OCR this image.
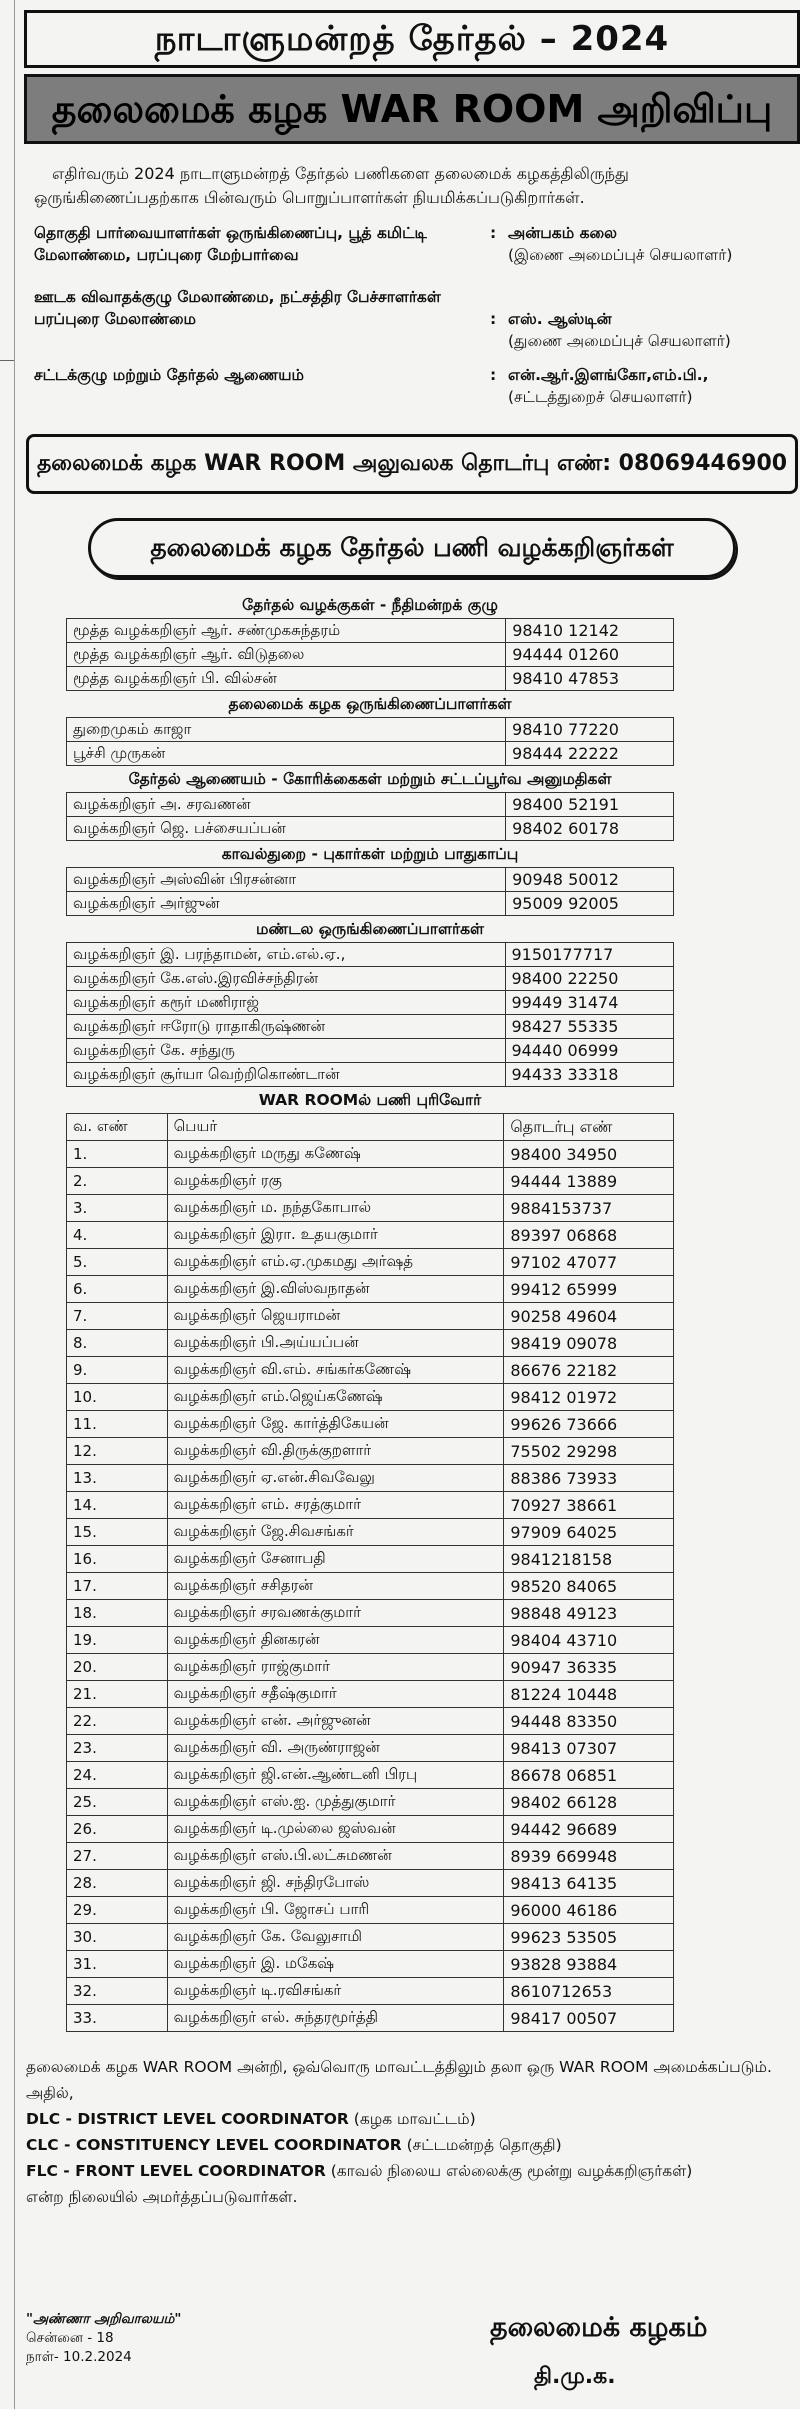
நாடாளுமன்றத் தேர்தல் – 2024
தலைமைக் கழக WAR ROOM அறிவிப்பு
எதிர்வரும் 2024 நாடாளுமன்றத் தேர்தல் பணிகளை தலைமைக் கழகத்திலிருந்து ஒருங்கிணைப்பதற்காக பின்வரும் பொறுப்பாளர்கள் நியமிக்கப்படுகிறார்கள்.
தொகுதி பார்வையாளர்கள் ஒருங்கிணைப்பு, பூத் கமிட்டி மேலாண்மை, பரப்புரை மேற்பார்வை
: அன்பகம் கலை
(இணை அமைப்புச் செயலாளர்)
ஊடக விவாதக்குழு மேலாண்மை, நட்சத்திர பேச்சாளர்கள் பரப்புரை மேலாண்மை	: எஸ். ஆஸ்டின்
(துணை அமைப்புச் செயலாளர்)
சட்டக்குழு மற்றும் தேர்தல் ஆணையம்	: என்.ஆர்.இளங்கோ,எம்.பி.,
(சட்டத்துறைச் செயலாளர்)
தலைமைக் கழக WAR ROOM அலுவலக தொடர்பு எண்: 08069446900
தலைமைக் கழக தேர்தல் பணி வழக்கறிஞர்கள்
தேர்தல் வழக்குகள் - நீதிமன்றக் குழு
மூத்த வழக்கறிஞர் ஆர். சண்முகசுந்தரம்	98410 12142
மூத்த வழக்கறிஞர் ஆர். விடுதலை	94444 01260
மூத்த வழக்கறிஞர் பி. வில்சன்	98410 47853
தலைமைக் கழக ஒருங்கிணைப்பாளர்கள்
துறைமுகம் காஜா	98410 77220
பூச்சி முருகன்	98444 22222
தேர்தல் ஆணையம் - கோரிக்கைகள் மற்றும் சட்டப்பூர்வ அனுமதிகள்
வழக்கறிஞர் அ. சரவணன்	98400 52191
வழக்கறிஞர் ஜெ. பச்சையப்பன்	98402 60178
காவல்துறை - புகார்கள் மற்றும் பாதுகாப்பு
வழக்கறிஞர் அஸ்வின் பிரசன்னா	90948 50012
வழக்கறிஞர் அர்ஜுன்	95009 92005
மண்டல ஒருங்கிணைப்பாளர்கள்
வழக்கறிஞர் இ. பரந்தாமன், எம்.எல்.ஏ.,	9150177717
வழக்கறிஞர் கே.எஸ்.இரவிச்சந்திரன்	98400 22250
வழக்கறிஞர் கரூர் மணிராஜ்	99449 31474
வழக்கறிஞர் ஈரோடு ராதாகிருஷ்ணன்	98427 55335
வழக்கறிஞர் கே. சந்துரு	94440 06999
வழக்கறிஞர் சூர்யா வெற்றிகொண்டான்	94433 33318
WAR ROOMல் பணி புரிவோர்
வ. எண்	பெயர்	தொடர்பு எண்
1.	வழக்கறிஞர் மருது கணேஷ்	98400 34950
2.	வழக்கறிஞர் ரகு	94444 13889
3.	வழக்கறிஞர் ம. நந்தகோபால்	9884153737
4.	வழக்கறிஞர் இரா. உதயகுமார்	89397 06868
5.	வழக்கறிஞர் எம்.ஏ.முகமது அர்ஷத்	97102 47077
6.	வழக்கறிஞர் இ.விஸ்வநாதன்	99412 65999
7.	வழக்கறிஞர் ஜெயராமன்	90258 49604
8.	வழக்கறிஞர் பி.அய்யப்பன்	98419 09078
9.	வழக்கறிஞர் வி.எம். சங்கர்கணேஷ்	86676 22182
10.	வழக்கறிஞர் எம்.ஜெய்கணேஷ்	98412 01972
11.	வழக்கறிஞர் ஜே. கார்த்திகேயன்	99626 73666
12.	வழக்கறிஞர் வி.திருக்குறளார்	75502 29298
13.	வழக்கறிஞர் ஏ.என்.சிவவேலு	88386 73933
14.	வழக்கறிஞர் எம். சரத்குமார்	70927 38661
15.	வழக்கறிஞர் ஜே.சிவசங்கர்	97909 64025
16.	வழக்கறிஞர் சேனாபதி	9841218158
17.	வழக்கறிஞர் சசிதரன்	98520 84065
18.	வழக்கறிஞர் சரவணக்குமார்	98848 49123
19.	வழக்கறிஞர் தினகரன்	98404 43710
20.	வழக்கறிஞர் ராஜ்குமார்	90947 36335
21.	வழக்கறிஞர் சதீஷ்குமார்	81224 10448
22.	வழக்கறிஞர் என். அர்ஜுனன்	94448 83350
23.	வழக்கறிஞர் வி. அருண்ராஜன்	98413 07307
24.	வழக்கறிஞர் ஜி.என்.ஆண்டனி பிரபு	86678 06851
25.	வழக்கறிஞர் எஸ்.ஐ. முத்துகுமார்	98402 66128
26.	வழக்கறிஞர் டி.முல்லை ஜஸ்வன்	94442 96689
27.	வழக்கறிஞர் எஸ்.பி.லட்சுமணன்	8939 669948
28.	வழக்கறிஞர் ஜி. சந்திரபோஸ்	98413 64135
29.	வழக்கறிஞர் பி. ஜோசப் பாரி	96000 46186
30.	வழக்கறிஞர் கே. வேலுசாமி	99623 53505
31.	வழக்கறிஞர் இ. மகேஷ்	93828 93884
32.	வழக்கறிஞர் டி.ரவிசங்கர்	8610712653
33.	வழக்கறிஞர் எல். சுந்தரமூர்த்தி	98417 00507
தலைமைக் கழக WAR ROOM அன்றி, ஒவ்வொரு மாவட்டத்திலும் தலா ஒரு WAR ROOM அமைக்கப்படும். அதில்,
DLC - DISTRICT LEVEL COORDINATOR (கழக மாவட்டம்)
CLC - CONSTITUENCY LEVEL COORDINATOR (சட்டமன்றத் தொகுதி)
FLC - FRONT LEVEL COORDINATOR (காவல் நிலைய எல்லைக்கு மூன்று வழக்கறிஞர்கள்)
என்ற நிலையில் அமர்த்தப்படுவார்கள்.
"அண்ணா அறிவாலயம்"
சென்னை - 18
நாள்- 10.2.2024
தலைமைக் கழகம்
தி.மு.க.
